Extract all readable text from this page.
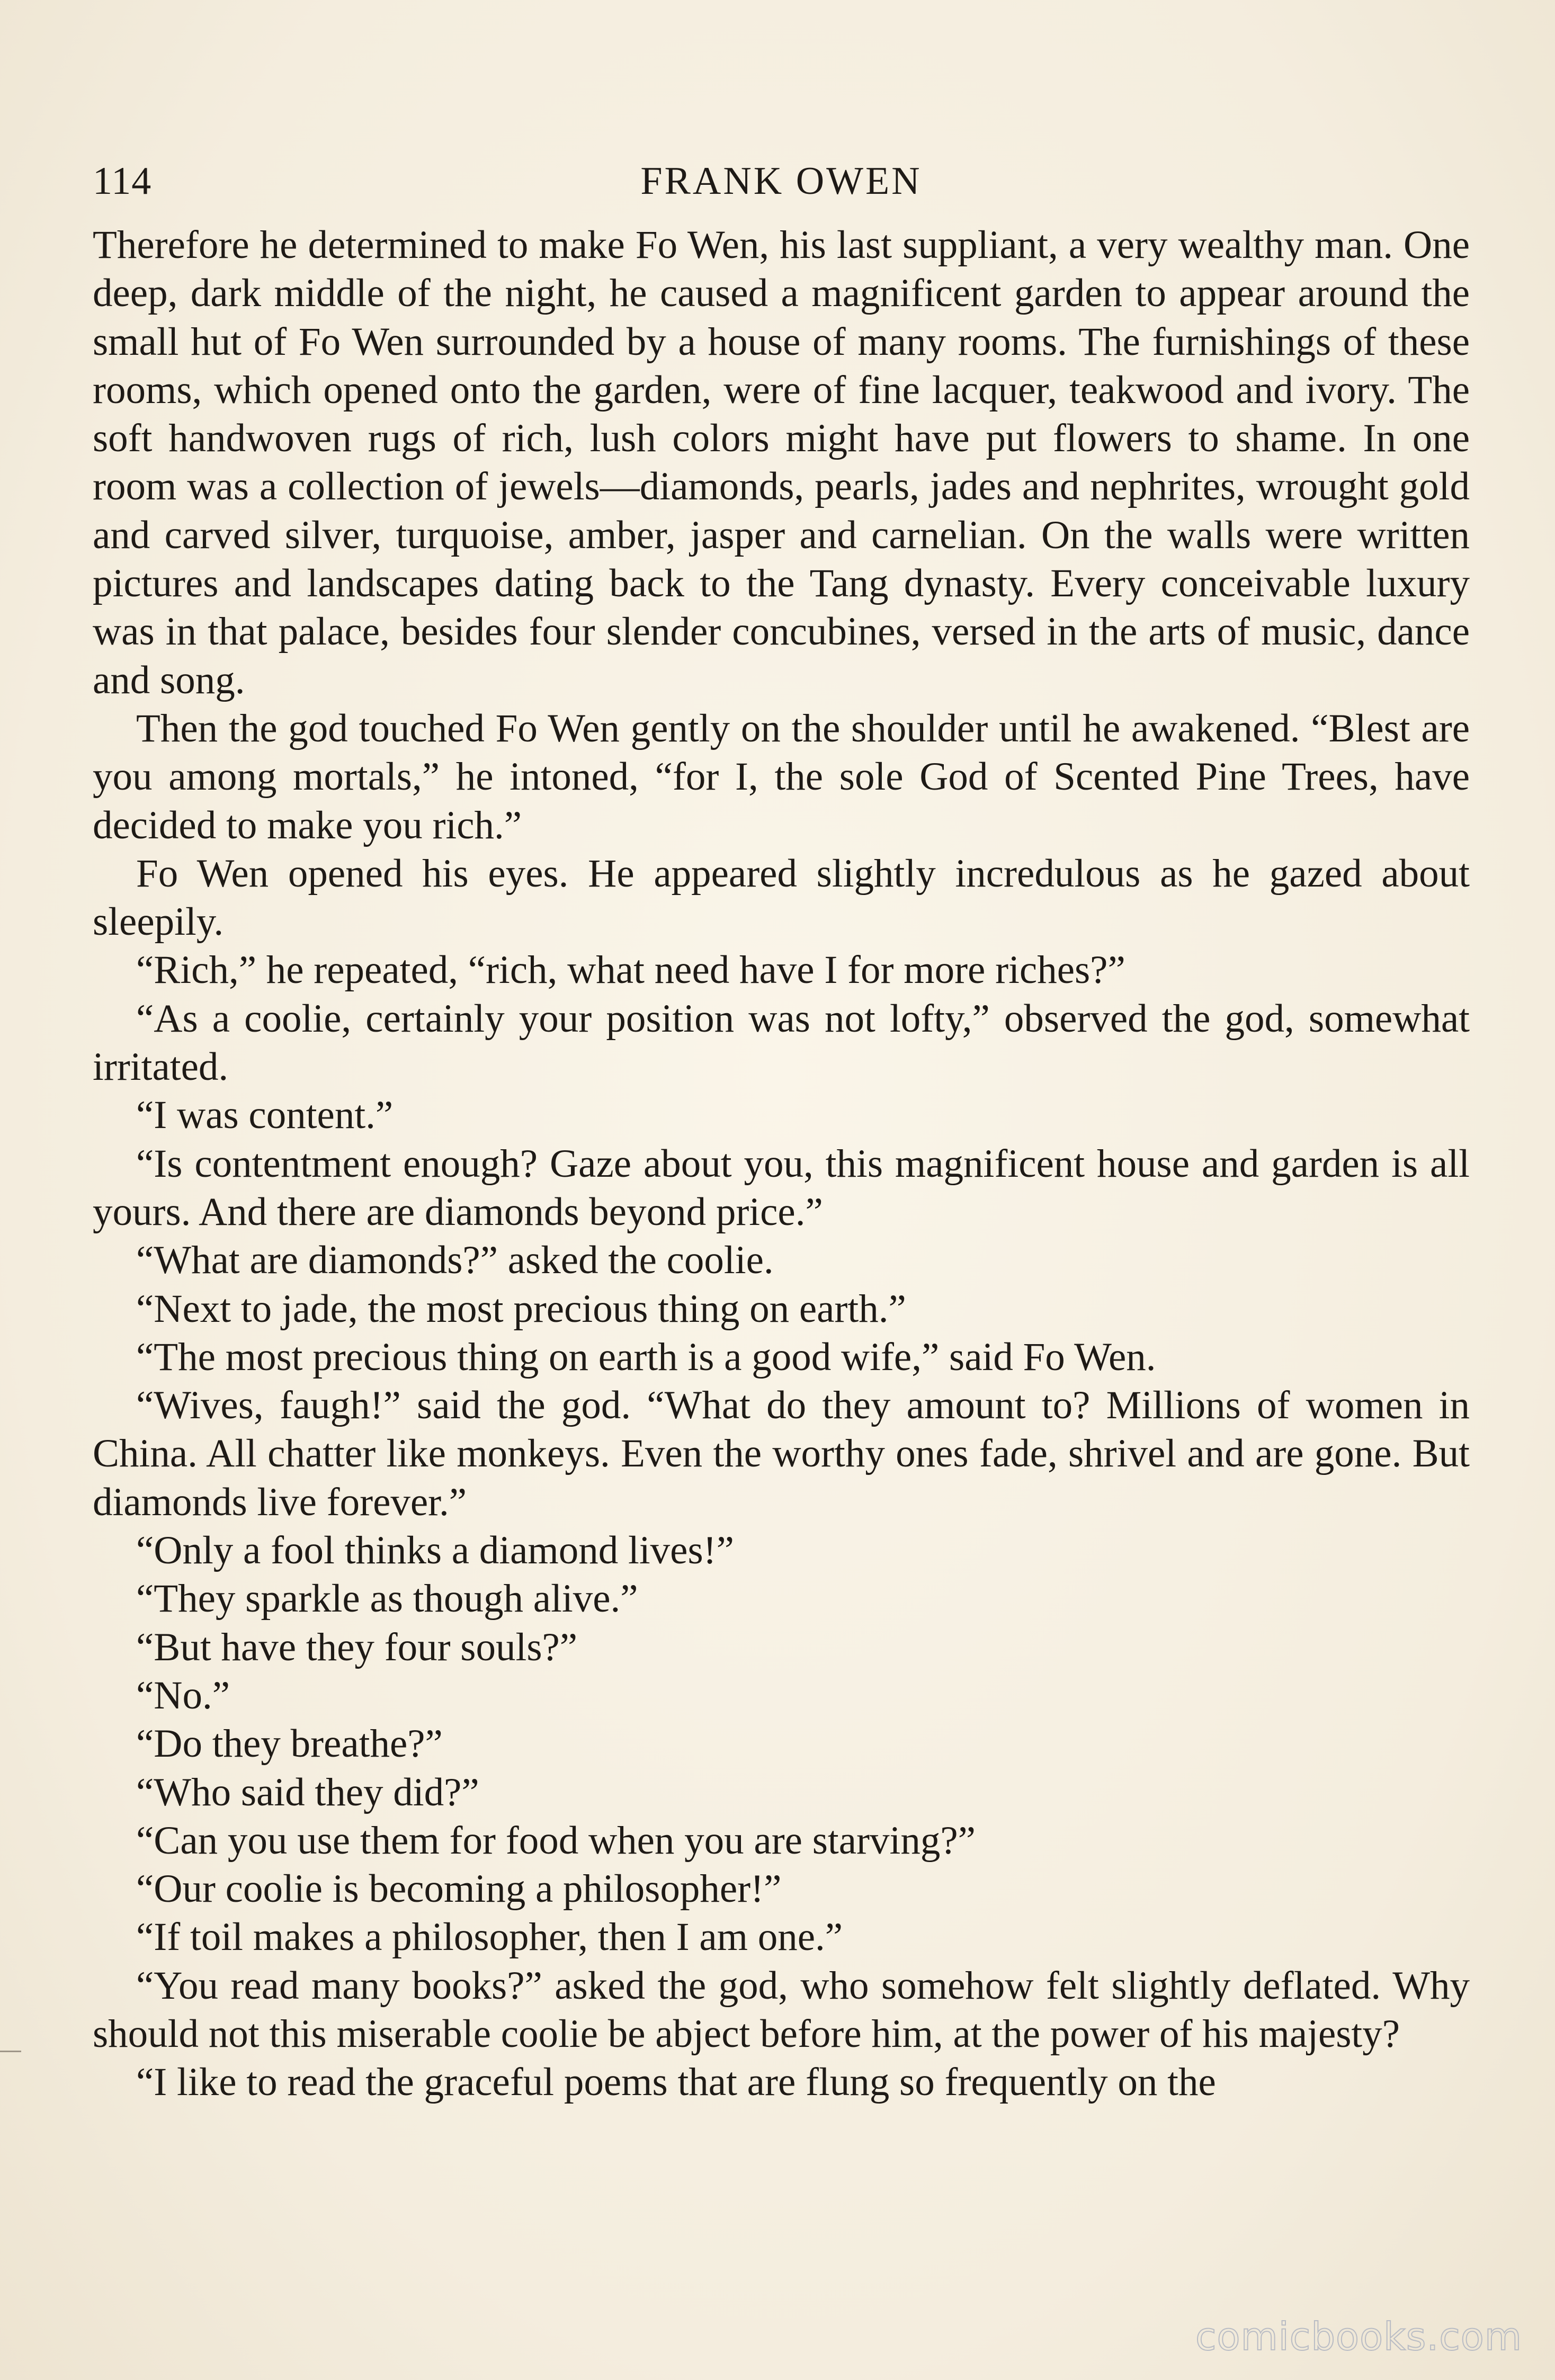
114	FRANK OWEN

Therefore he determined to make Fo Wen, his last suppliant, a very wealthy man. One deep, dark middle of the night, he caused a magnificent garden to appear around the small hut of Fo Wen surrounded by a house of many rooms. The furnishings of these rooms, which opened onto the garden, were of fine lacquer, teakwood and ivory. The soft handwoven rugs of rich, lush colors might have put flowers to shame. In one room was a collection of jewels—diamonds, pearls, jades and nephrites, wrought gold and carved silver, turquoise, amber, jasper and carnelian. On the walls were written pictures and landscapes dating back to the Tang dynasty. Every conceivable luxury was in that palace, besides four slender concubines, versed in the arts of music, dance and song.

Then the god touched Fo Wen gently on the shoulder until he awakened. “Blest are you among mortals,” he intoned, “for I, the sole God of Scented Pine Trees, have decided to make you rich.”

Fo Wen opened his eyes. He appeared slightly incredulous as he gazed about sleepily.

“Rich,” he repeated, “rich, what need have I for more riches?”

“As a coolie, certainly your position was not lofty,” observed the god, somewhat irritated.

“I was content.”

“Is contentment enough? Gaze about you, this magnificent house and garden is all yours. And there are diamonds beyond price.”

“What are diamonds?” asked the coolie.

“Next to jade, the most precious thing on earth.”

“The most precious thing on earth is a good wife,” said Fo Wen.

“Wives, faugh!” said the god. “What do they amount to? Millions of women in China. All chatter like monkeys. Even the worthy ones fade, shrivel and are gone. But diamonds live forever.”

“Only a fool thinks a diamond lives!”

“They sparkle as though alive.”

“But have they four souls?”

“No.”

“Do they breathe?”

“Who said they did?”

“Can you use them for food when you are starving?”

“Our coolie is becoming a philosopher!”

“If toil makes a philosopher, then I am one.”

“You read many books?” asked the god, who somehow felt slightly deflated. Why should not this miserable coolie be abject before him, at the power of his majesty?

“I like to read the graceful poems that are flung so frequently on the

comicbooks.com
